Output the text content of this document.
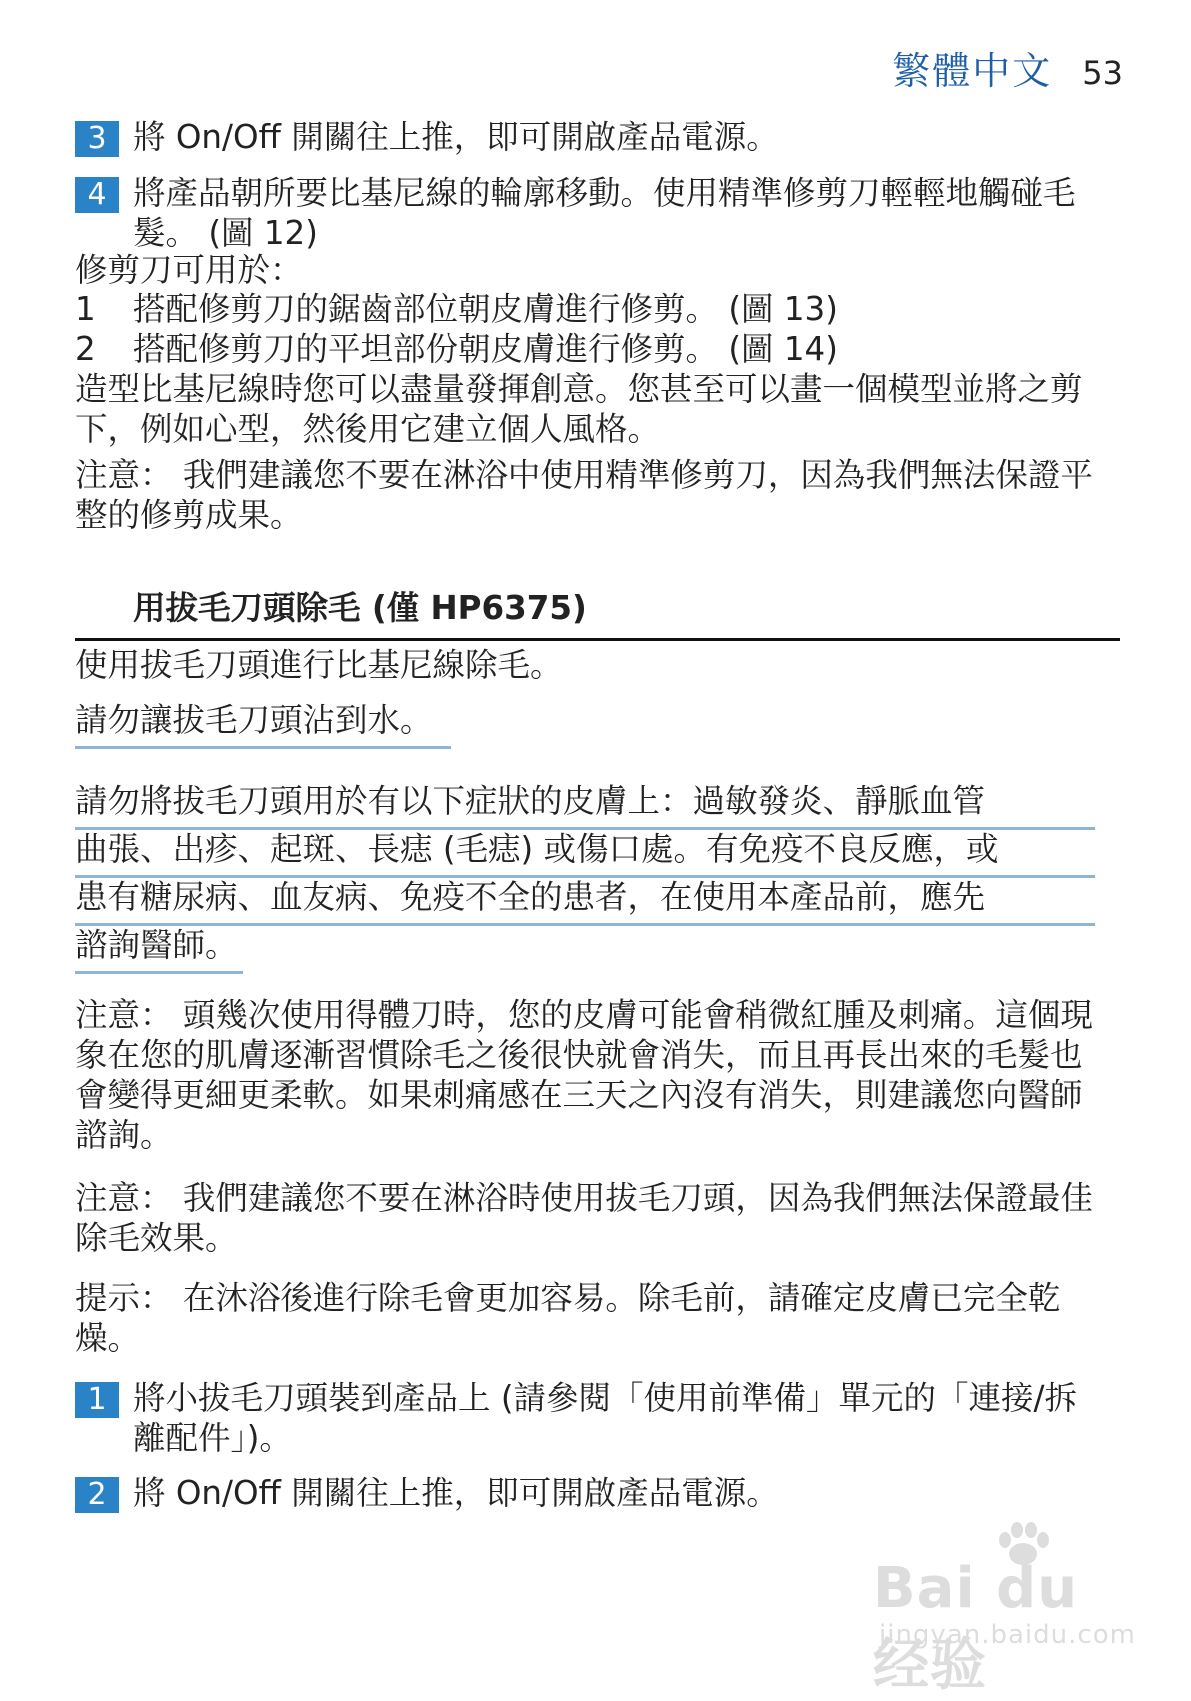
繁體中文 53
3 將 On/Off 開關往上推，即可開啟產品電源。
4 將產品朝所要比基尼線的輪廓移動。使用精準修剪刀輕輕地觸碰毛髮。 (圖 12)
修剪刀可用於：
1 搭配修剪刀的鋸齒部位朝皮膚進行修剪。 (圖 13)
2 搭配修剪刀的平坦部份朝皮膚進行修剪。 (圖 14)
造型比基尼線時您可以盡量發揮創意。您甚至可以畫一個模型並將之剪下，例如心型，然後用它建立個人風格。
注意： 我們建議您不要在淋浴中使用精準修剪刀，因為我們無法保證平整的修剪成果。
用拔毛刀頭除毛 (僅 HP6375)
使用拔毛刀頭進行比基尼線除毛。
請勿讓拔毛刀頭沾到水。
請勿將拔毛刀頭用於有以下症狀的皮膚上：過敏發炎、靜脈血管
曲張、出疹、起斑、長痣 (毛痣) 或傷口處。有免疫不良反應，或
患有糖尿病、血友病、免疫不全的患者，在使用本產品前，應先
諮詢醫師。
注意： 頭幾次使用得體刀時，您的皮膚可能會稍微紅腫及刺痛。這個現象在您的肌膚逐漸習慣除毛之後很快就會消失，而且再長出來的毛髮也會變得更細更柔軟。如果刺痛感在三天之內沒有消失，則建議您向醫師諮詢。
注意： 我們建議您不要在淋浴時使用拔毛刀頭，因為我們無法保證最佳除毛效果。
提示： 在沐浴後進行除毛會更加容易。除毛前，請確定皮膚已完全乾燥。
1 將小拔毛刀頭裝到產品上 (請參閱「使用前準備」單元的「連接/拆離配件」)。
2 將 On/Off 開關往上推，即可開啟產品電源。
Bai du 经验
jingyan.baidu.com
